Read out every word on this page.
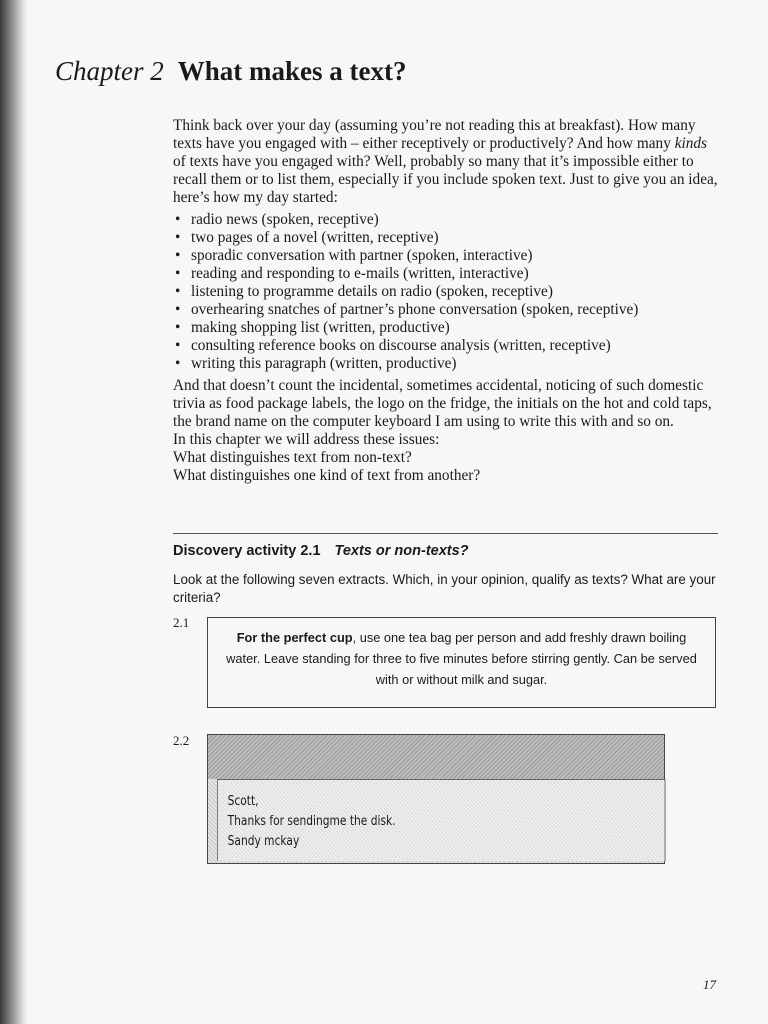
Chapter 2 What makes a text?

Think back over your day (assuming you’re not reading this at breakfast). How many texts have you engaged with – either receptively or productively? And how many kinds of texts have you engaged with? Well, probably so many that it’s impossible either to recall them or to list them, especially if you include spoken text. Just to give you an idea, here’s how my day started:

• radio news (spoken, receptive)
• two pages of a novel (written, receptive)
• sporadic conversation with partner (spoken, interactive)
• reading and responding to e-mails (written, interactive)
• listening to programme details on radio (spoken, receptive)
• overhearing snatches of partner’s phone conversation (spoken, receptive)
• making shopping list (written, productive)
• consulting reference books on discourse analysis (written, receptive)
• writing this paragraph (written, productive)

And that doesn’t count the incidental, sometimes accidental, noticing of such domestic trivia as food package labels, the logo on the fridge, the initials on the hot and cold taps, the brand name on the computer keyboard I am using to write this with and so on.

In this chapter we will address these issues:
What distinguishes text from non-text?
What distinguishes one kind of text from another?

Discovery activity 2.1 Texts or non-texts?
Look at the following seven extracts. Which, in your opinion, qualify as texts? What are your criteria?
2.1
For the perfect cup, use one tea bag per person and add freshly drawn boiling water. Leave standing for three to five minutes before stirring gently. Can be served with or without milk and sugar.
2.2
Scott,
Thanks for sendingme the disk.
Sandy mckay
17
